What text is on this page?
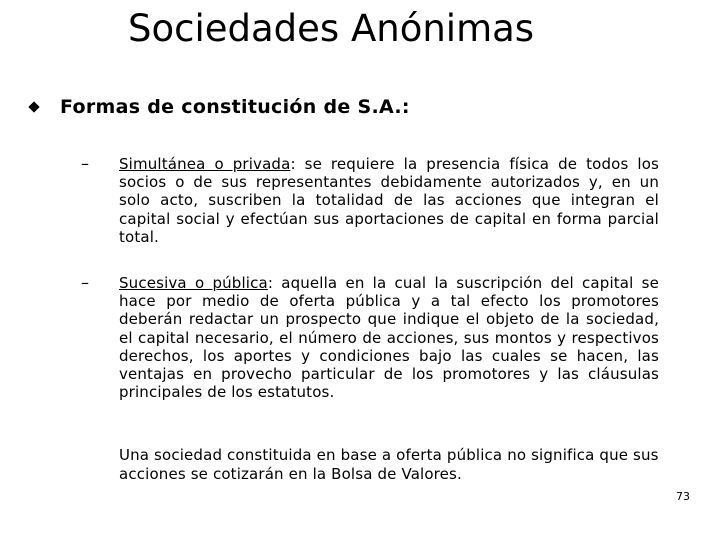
Sociedades Anónimas
Formas de constitución de S.A.:
– Simultánea o privada: se requiere la presencia física de todos los socios o de sus representantes debidamente autorizados y, en un solo acto, suscriben la totalidad de las acciones que integran el capital social y efectúan sus aportaciones de capital en forma parcial total.
– Sucesiva o pública: aquella en la cual la suscripción del capital se hace por medio de oferta pública y a tal efecto los promotores deberán redactar un prospecto que indique el objeto de la sociedad, el capital necesario, el número de acciones, sus montos y respectivos derechos, los aportes y condiciones bajo las cuales se hacen, las ventajas en provecho particular de los promotores y las cláusulas principales de los estatutos.
Una sociedad constituida en base a oferta pública no significa que sus acciones se cotizarán en la Bolsa de Valores.
73
